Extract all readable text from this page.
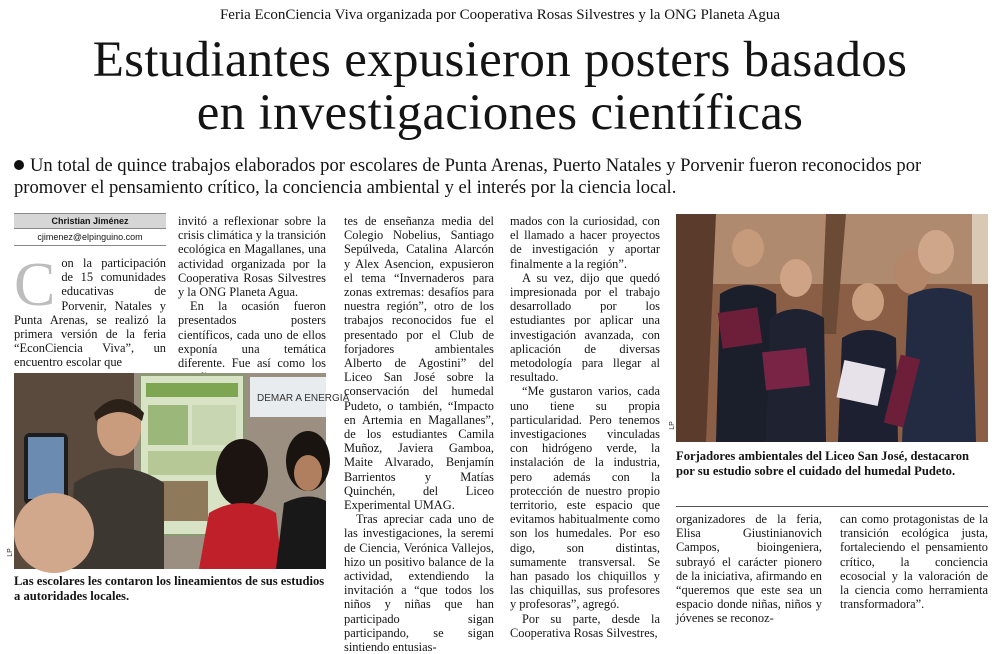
Feria EconCiencia Viva organizada por Cooperativa Rosas Silvestres y la ONG Planeta Agua
Estudiantes expusieron posters basados
en investigaciones científicas
Un total de quince trabajos elaborados por escolares de Punta Arenas, Puerto Natales y Porvenir fueron reconocidos por promover el pensamiento crítico, la conciencia ambiental y el interés por la ciencia local.
Christian Jiménez
cjimenez@elpinguino.com
C on la participación de 15 comunidades educativas de Porvenir, Natales y Punta Arenas, se realizó la primera versión de la feria “EconCiencia Viva”, un encuentro escolar que

invitó a reflexionar sobre la crisis climática y la transición ecológica en Magallanes, una actividad organizada por la Cooperativa Rosas Silvestres y la ONG Planeta Agua.

En la ocasión fueron presentados posters científicos, cada uno de ellos exponía una temática diferente. Fue así como los

DEMAR A ENERGIA
LP
Las escolares les contaron los lineamientos de sus estudios a autoridades locales.

tes de enseñanza media del Colegio Nobelius, Santiago Sepúlveda, Catalina Alarcón y Alex Asencion, expusieron el tema “Invernaderos para zonas extremas: desafíos para nuestra región”, otro de los trabajos reconocidos fue el presentado por el Club de forjadores ambientales Alberto de Agostini” del Liceo San José sobre la conservación del humedal Pudeto, o también, “Impacto en Artemia en Magallanes”, de los estudiantes Camila Muñoz, Javiera Gamboa, Maite Alvarado, Benjamín Barrientos y Matías Quinchén, del Liceo Experimental UMAG.

Tras apreciar cada uno de las investigaciones, la seremi de Ciencia, Verónica Vallejos, hizo un positivo balance de la actividad, extendiendo la invitación a “que todos los niños y niñas que han participado sigan participando, se sigan sintiendo entusias-

mados con la curiosidad, con el llamado a hacer proyectos de investigación y aportar finalmente a la región”.

A su vez, dijo que quedó impresionada por el trabajo desarrollado por los estudiantes por aplicar una investigación avanzada, con aplicación de diversas metodología para llegar al resultado.

“Me gustaron varios, cada uno tiene su propia particularidad. Pero tenemos investigaciones vinculadas con hidrógeno verde, la instalación de la industria, pero además con la protección de nuestro propio territorio, este espacio que evitamos habitualmente como son los humedales. Por eso digo, son distintas, sumamente transversal. Se han pasado los chiquillos y las chiquillas, sus profesores y profesoras”, agregó.

Por su parte, desde la Cooperativa Rosas Silvestres,

LP
Forjadores ambientales del Liceo San José, destacaron por su estudio sobre el cuidado del humedal Pudeto.

organizadores de la feria, Elisa Giustinianovich Campos, bioingeniera, subrayó el carácter pionero de la iniciativa, afirmando en “queremos que este sea un espacio donde niñas, niños y jóvenes se reconoz-

can como protagonistas de la transición ecológica justa, fortaleciendo el pensamiento crítico, la conciencia ecosocial y la valoración de la ciencia como herramienta transformadora”.
